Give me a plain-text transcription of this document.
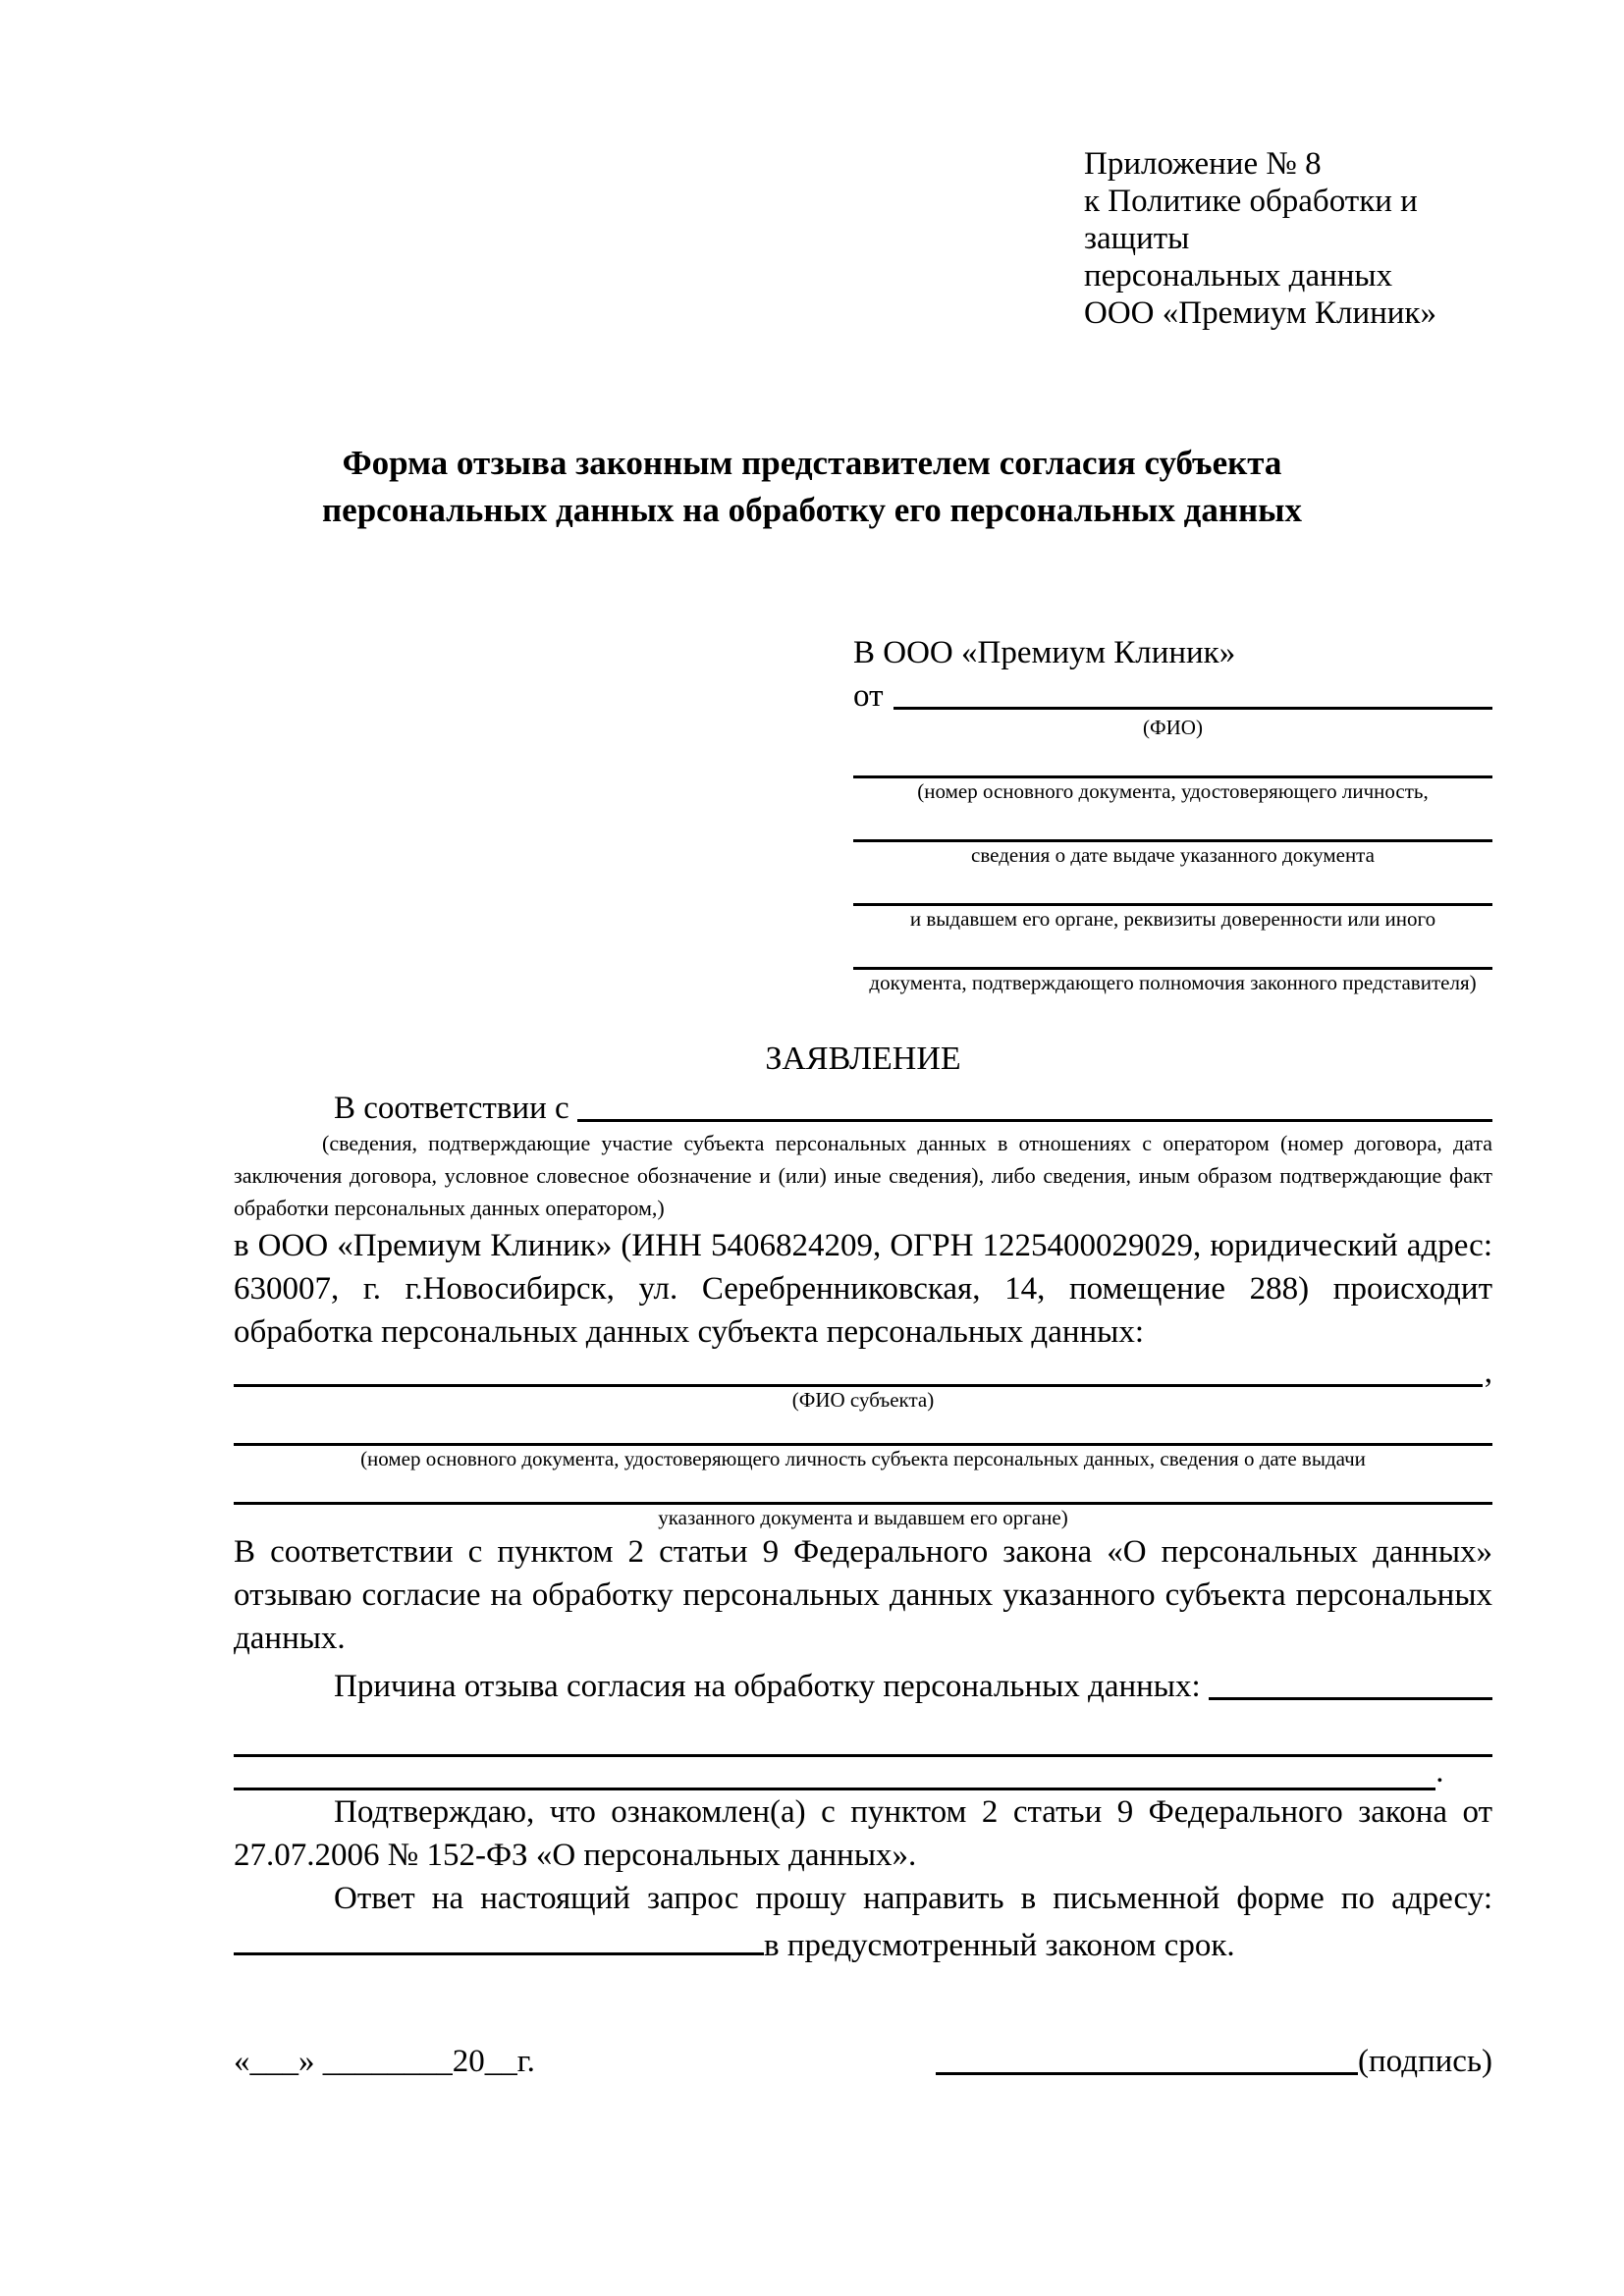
Приложение № 8
к Политике обработки и защиты
персональных данных
ООО «Премиум Клиник»
Форма отзыва законным представителем согласия субъекта
персональных данных на обработку его персональных данных
В ООО «Премиум Клиник»
от
(ФИО)
(номер основного документа, удостоверяющего личность,
сведения о дате выдаче указанного документа
и выдавшем его органе, реквизиты доверенности или иного
документа, подтверждающего полномочия законного представителя)
ЗАЯВЛЕНИЕ
В соответствии с
(сведения, подтверждающие участие субъекта персональных данных в отношениях с оператором (номер договора, дата заключения договора, условное словесное обозначение и (или) иные сведения), либо сведения, иным образом подтверждающие факт обработки персональных данных оператором,)
в ООО «Премиум Клиник» (ИНН 5406824209, ОГРН 1225400029029, юридический адрес: 630007, г. г.Новосибирск, ул. Серебренниковская, 14, помещение 288) происходит обработка персональных данных субъекта персональных данных:
,
(ФИО субъекта)
(номер основного документа, удостоверяющего личность субъекта персональных данных, сведения о дате выдачи
указанного документа и выдавшем его органе)
В соответствии с пунктом 2 статьи 9 Федерального закона «О персональных данных» отзываю согласие на обработку персональных данных указанного субъекта персональных данных.
Причина отзыва согласия на обработку персональных данных:
.
Подтверждаю, что ознакомлен(а) с пунктом 2 статьи 9 Федерального закона от 27.07.2006 № 152-ФЗ «О персональных данных».
Ответ на настоящий запрос прошу направить в письменной форме по адресу: в предусмотренный законом срок.
«___» ________20__г.	(подпись)
